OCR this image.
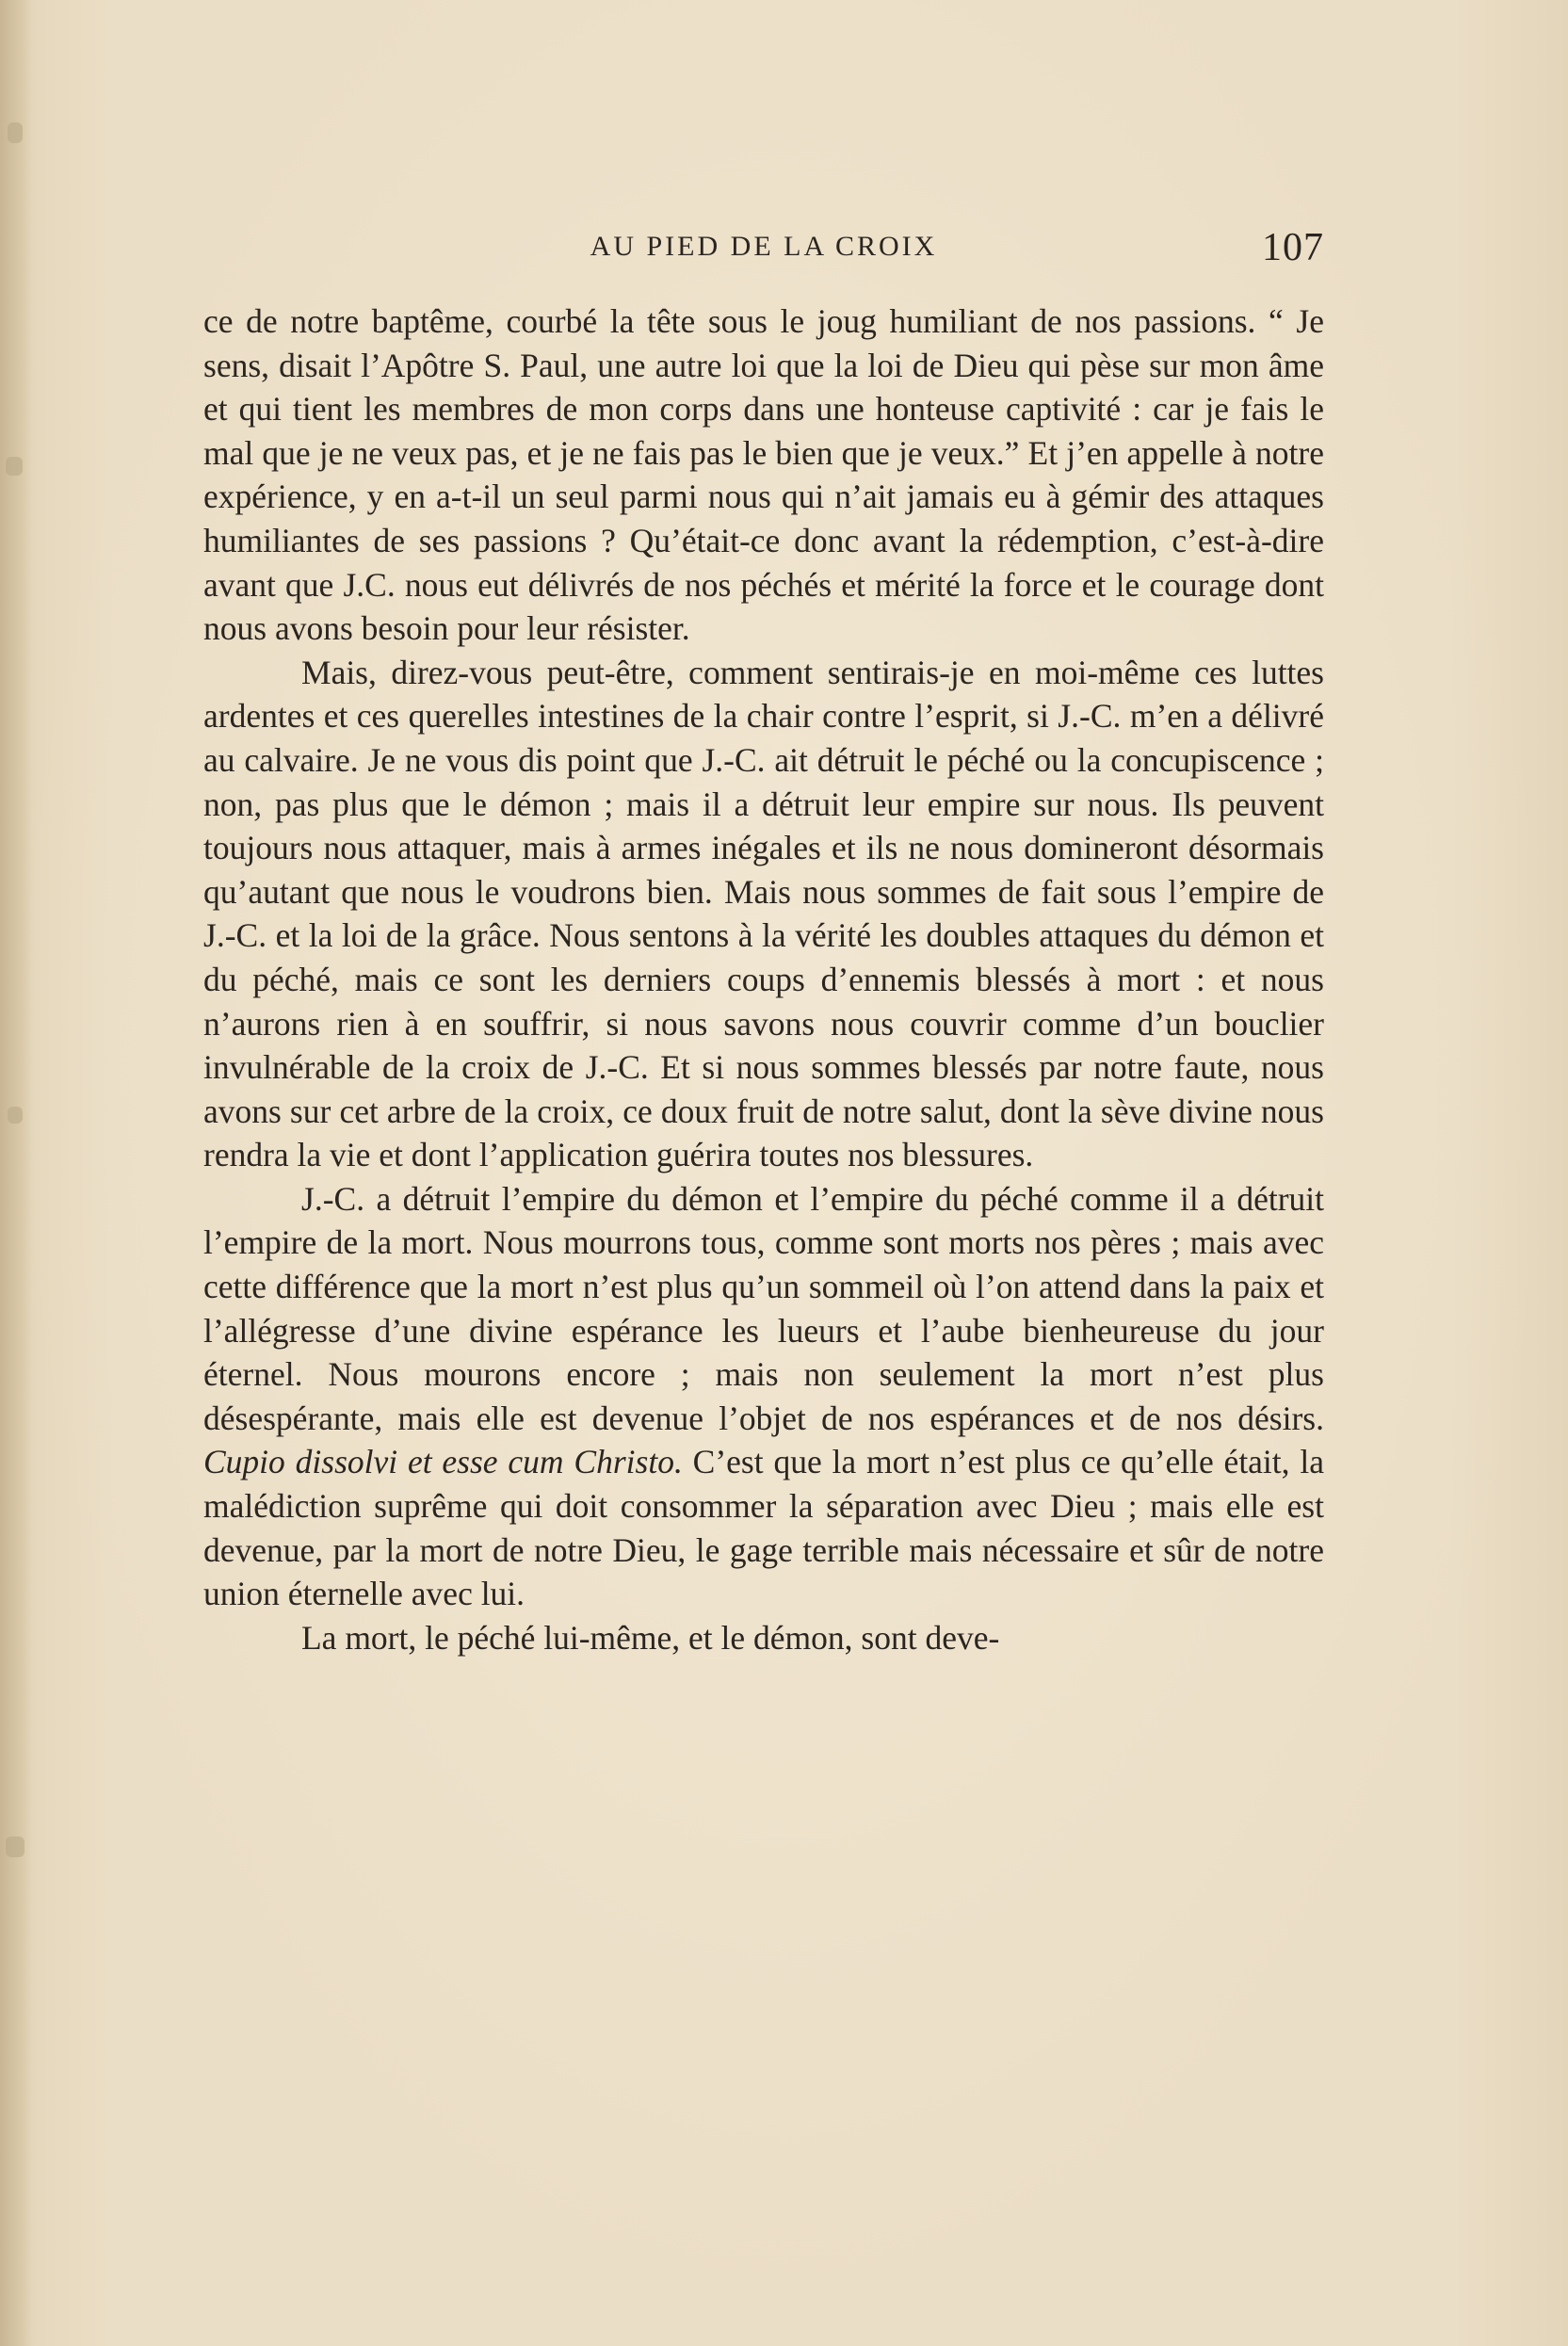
AU PIED DE LA CROIX	107

ce de notre baptême, courbé la tête sous le joug humiliant de nos passions. “ Je sens, disait l’Apôtre S. Paul, une autre loi que la loi de Dieu qui pèse sur mon âme et qui tient les membres de mon corps dans une honteuse captivité : car je fais le mal que je ne veux pas, et je ne fais pas le bien que je veux.” Et j’en appelle à notre expérience, y en a-t-il un seul parmi nous qui n’ait jamais eu à gémir des attaques humiliantes de ses passions ? Qu’était-ce donc avant la rédemption, c’est-à-dire avant que J.C. nous eut délivrés de nos péchés et mérité la force et le courage dont nous avons besoin pour leur résister.

Mais, direz-vous peut-être, comment sentirais-je en moi-même ces luttes ardentes et ces querelles intestines de la chair contre l’esprit, si J.-C. m’en a délivré au calvaire. Je ne vous dis point que J.-C. ait détruit le péché ou la concupiscence ; non, pas plus que le démon ; mais il a détruit leur empire sur nous. Ils peuvent toujours nous attaquer, mais à armes inégales et ils ne nous domineront désormais qu’autant que nous le voudrons bien. Mais nous sommes de fait sous l’empire de J.-C. et la loi de la grâce. Nous sentons à la vérité les doubles attaques du démon et du péché, mais ce sont les derniers coups d’ennemis blessés à mort : et nous n’aurons rien à en souffrir, si nous savons nous couvrir comme d’un bouclier invulnérable de la croix de J.-C. Et si nous sommes blessés par notre faute, nous avons sur cet arbre de la croix, ce doux fruit de notre salut, dont la sève divine nous rendra la vie et dont l’application guérira toutes nos blessures.

J.-C. a détruit l’empire du démon et l’empire du péché comme il a détruit l’empire de la mort. Nous mourrons tous, comme sont morts nos pères ; mais avec cette différence que la mort n’est plus qu’un sommeil où l’on attend dans la paix et l’allégresse d’une divine espérance les lueurs et l’aube bienheureuse du jour éternel. Nous mourons encore ; mais non seulement la mort n’est plus désespérante, mais elle est devenue l’objet de nos espérances et de nos désirs. Cupio dissolvi et esse cum Christo. C’est que la mort n’est plus ce qu’elle était, la malédiction suprême qui doit consommer la séparation avec Dieu ; mais elle est devenue, par la mort de notre Dieu, le gage terrible mais nécessaire et sûr de notre union éternelle avec lui.

La mort, le péché lui-même, et le démon, sont deve-
